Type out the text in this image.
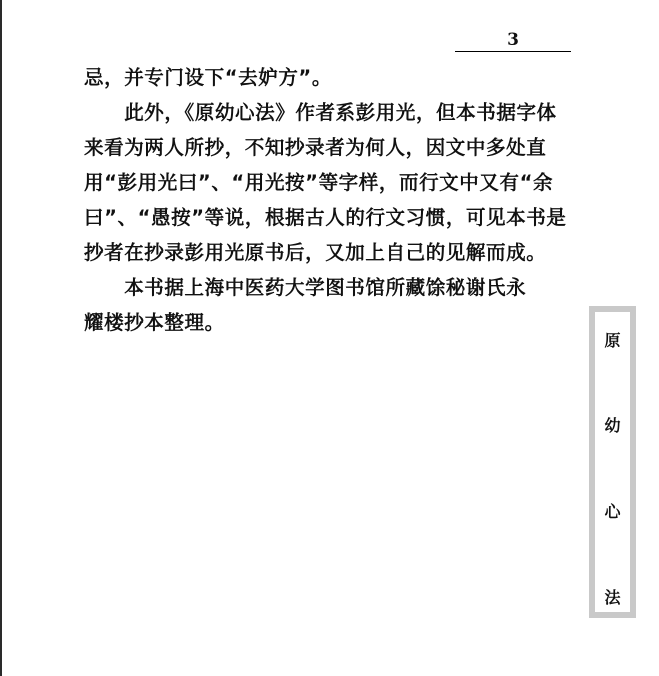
3
忌，并专门设下“去妒方”。
　　此外，《原幼心法》作者系彭用光，但本书据字体
来看为两人所抄，不知抄录者为何人，因文中多处直
用“彭用光曰”、“用光按”等字样，而行文中又有“余
曰”、“愚按”等说，根据古人的行文习惯，可见本书是
抄者在抄录彭用光原书后，又加上自己的见解而成。
　　本书据上海中医药大学图书馆所藏馀秘谢氏永
耀楼抄本整理。
原
幼
心
法
